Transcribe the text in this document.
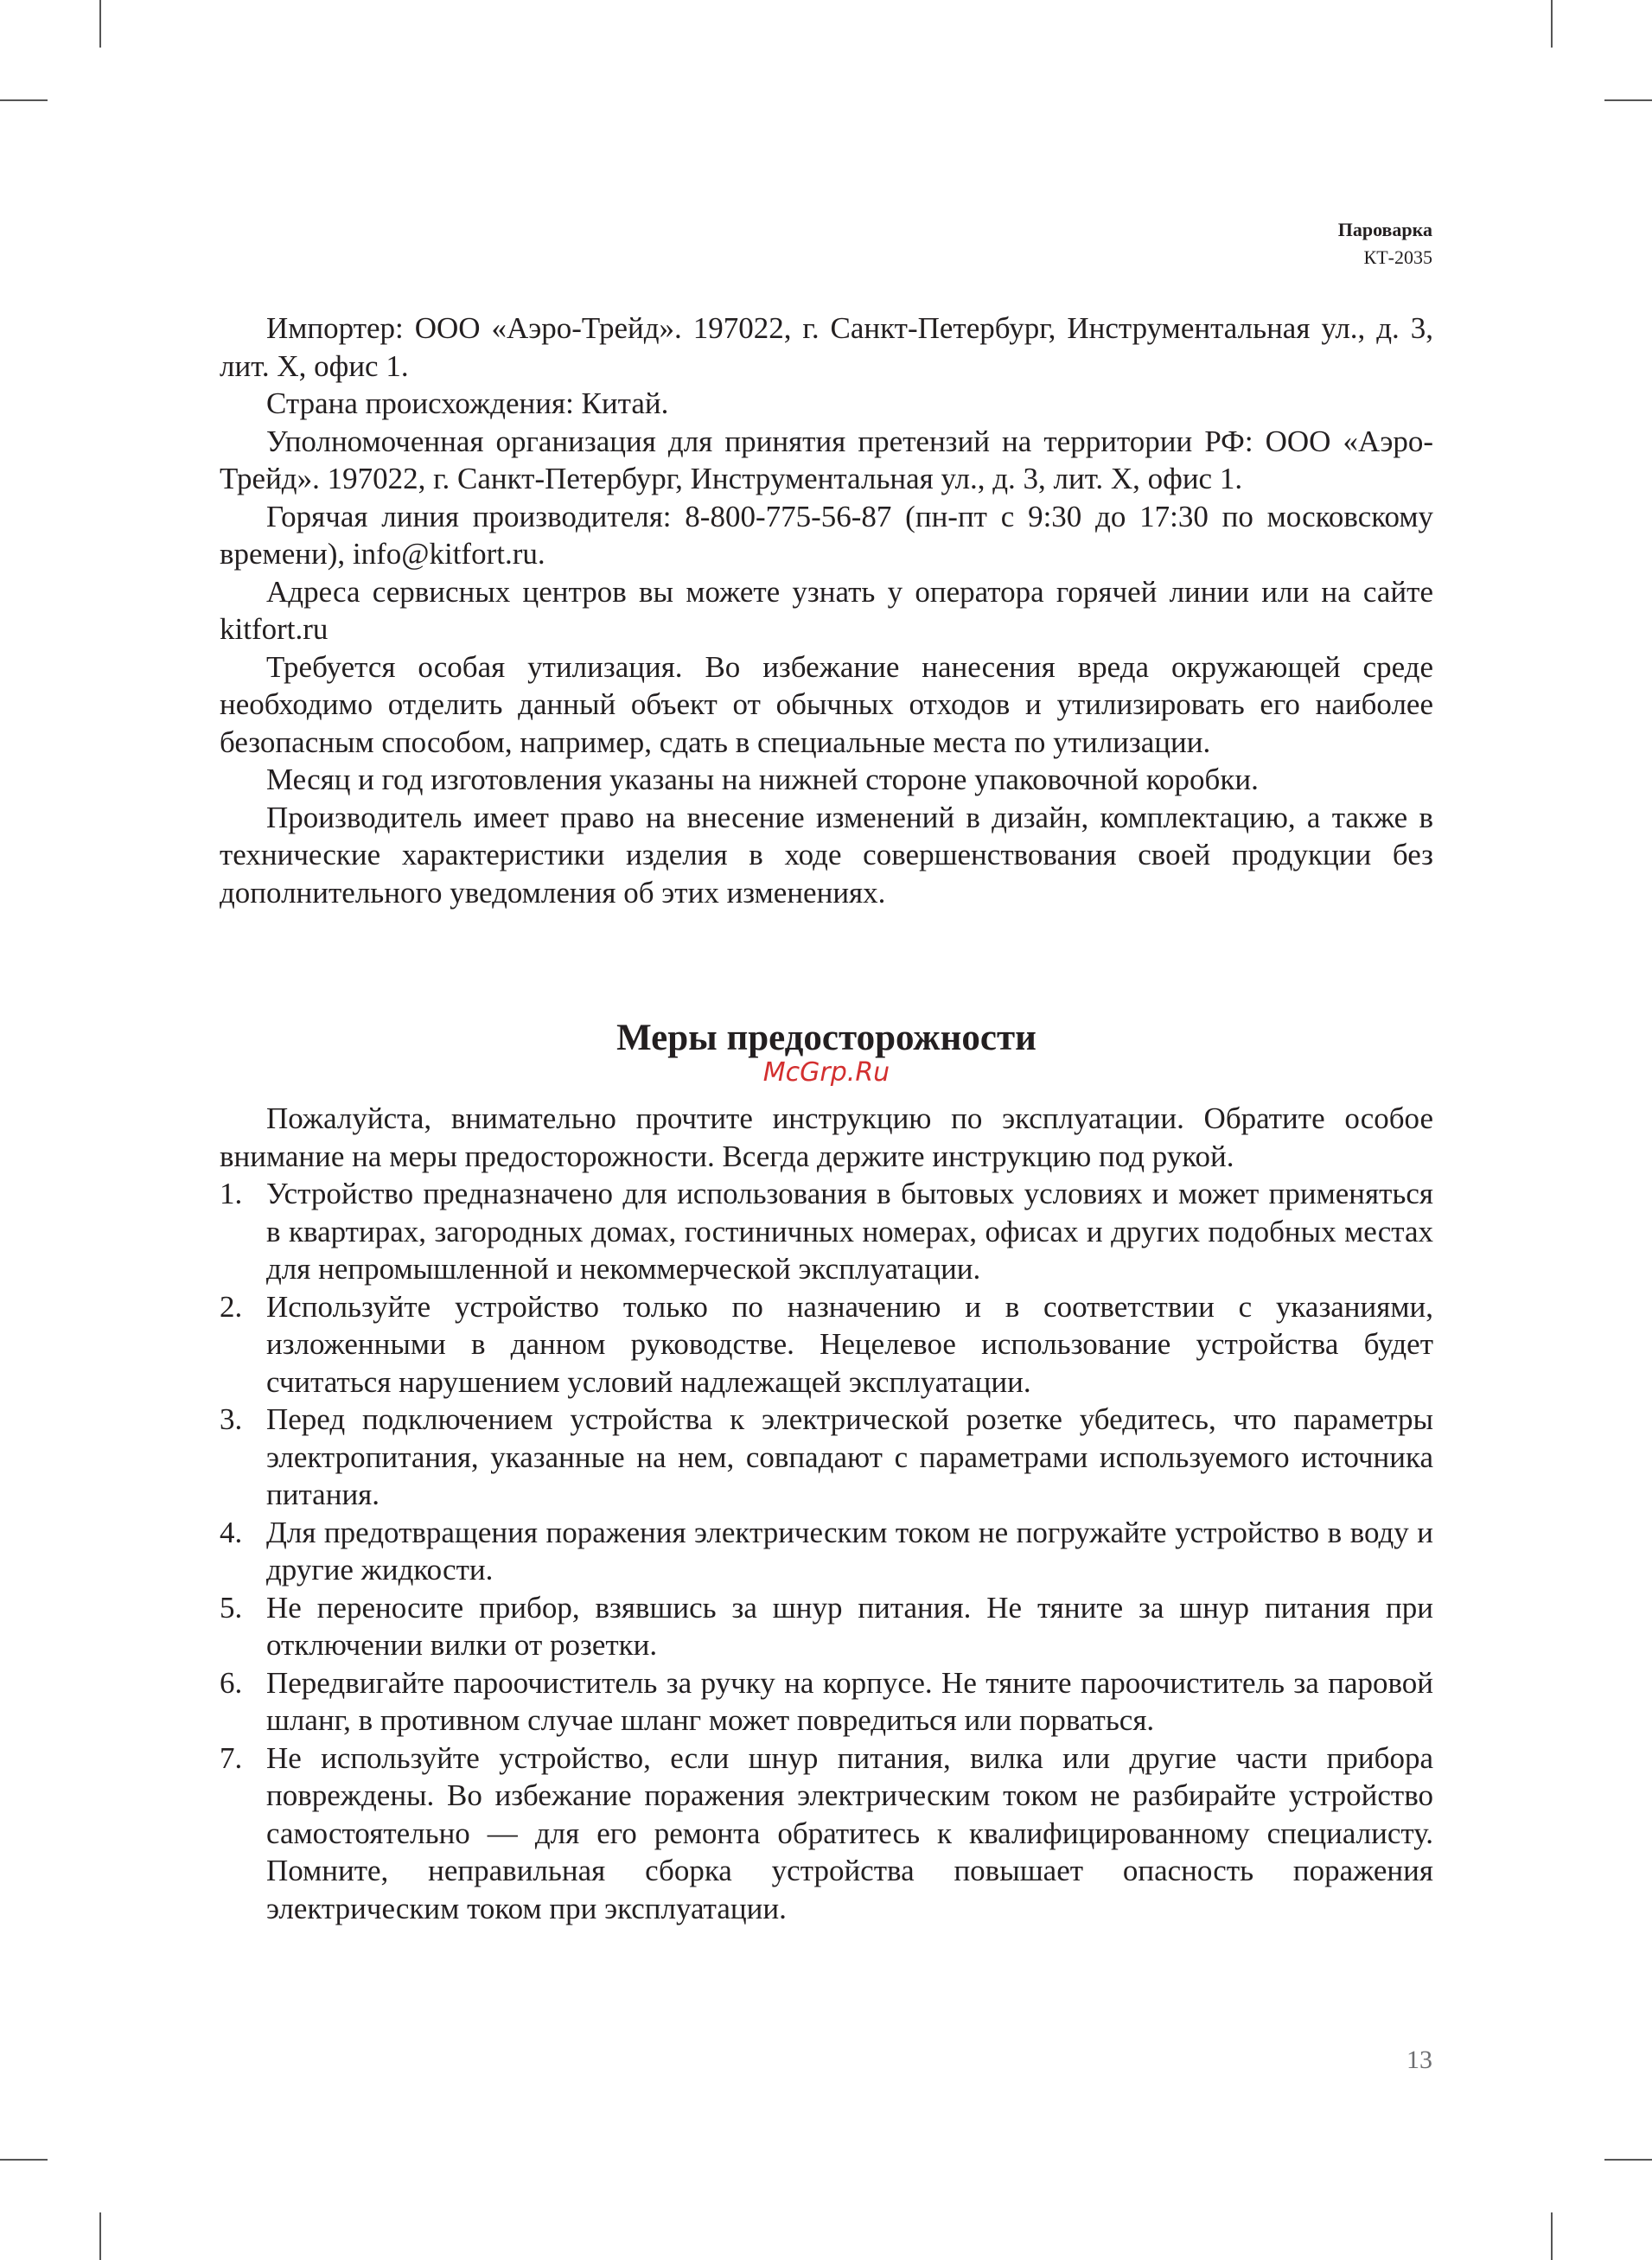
Пароварка
КТ-2035

Импортер: ООО «Аэро-Трейд». 197022, г. Санкт-Петербург, Инструментальная ул., д. 3, лит. Х, офис 1.

Страна происхождения: Китай.

Уполномоченная организация для принятия претензий на территории РФ: ООО «Аэро-Трейд». 197022, г. Санкт-Петербург, Инструментальная ул., д. 3, лит. Х, офис 1.

Горячая линия производителя: 8-800-775-56-87 (пн-пт с 9:30 до 17:30 по московскому времени), info@kitfort.ru.

Адреса сервисных центров вы можете узнать у оператора горячей линии или на сайте kitfort.ru

Требуется особая утилизация. Во избежание нанесения вреда окружающей среде необходимо отделить данный объект от обычных отходов и утилизировать его наиболее безопасным способом, например, сдать в специальные места по утилизации.

Месяц и год изготовления указаны на нижней стороне упаковочной коробки.

Производитель имеет право на внесение изменений в дизайн, комплектацию, а также в технические характеристики изделия в ходе совершенствования своей продукции без дополнительного уведомления об этих изменениях.

Меры предосторожности
McGrp.Ru

Пожалуйста, внимательно прочтите инструкцию по эксплуатации. Обратите особое внимание на меры предосторожности. Всегда держите инструкцию под рукой.

1. Устройство предназначено для использования в бытовых условиях и может применяться в квартирах, загородных домах, гостиничных номерах, офисах и других подобных местах для непромышленной и некоммерческой эксплуатации.
2. Используйте устройство только по назначению и в соответствии с указаниями, изложенными в данном руководстве. Нецелевое использование устройства будет считаться нарушением условий надлежащей эксплуатации.
3. Перед подключением устройства к электрической розетке убедитесь, что параметры электропитания, указанные на нем, совпадают с параметрами используемого источника питания.
4. Для предотвращения поражения электрическим током не погружайте устройство в воду и другие жидкости.
5. Не переносите прибор, взявшись за шнур питания. Не тяните за шнур питания при отключении вилки от розетки.
6. Передвигайте пароочиститель за ручку на корпусе. Не тяните пароочиститель за паровой шланг, в противном случае шланг может повредиться или порваться.
7. Не используйте устройство, если шнур питания, вилка или другие части прибора повреждены. Во избежание поражения электрическим током не разбирайте устройство самостоятельно — для его ремонта обратитесь к квалифицированному специалисту. Помните, неправильная сборка устройства повышает опасность поражения электрическим током при эксплуатации.
13
